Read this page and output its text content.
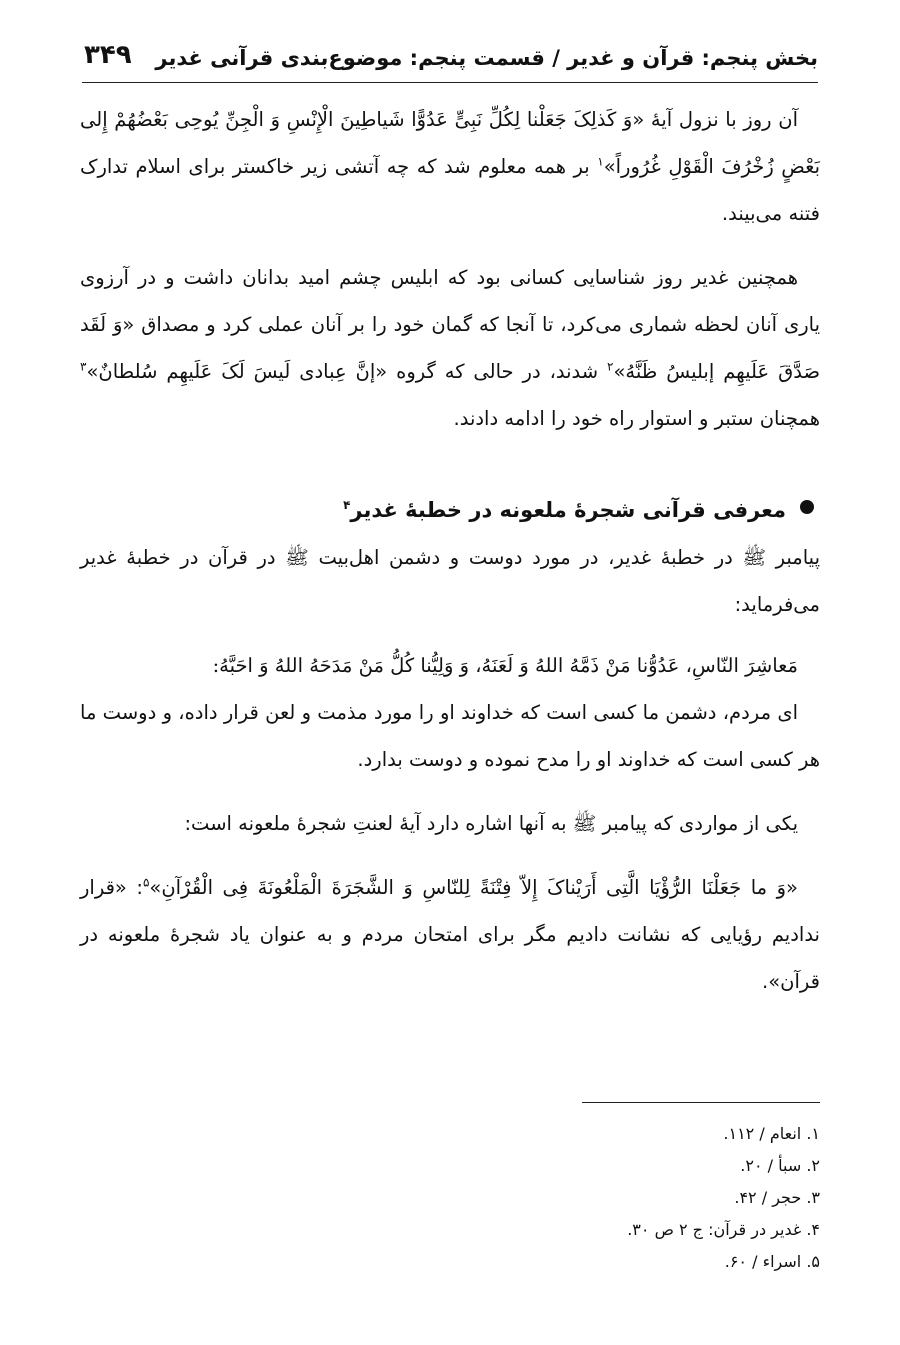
بخش پنجم: قرآن و غدیر / قسمت پنجم: موضوع‌بندی قرآنی غدیر
۳۴۹

آن روز با نزول آیهٔ «وَ کَذلِکَ جَعَلْنا لِکُلِّ نَبِیٍّ عَدُوًّا شَیاطِینَ الْإِنْسِ وَ الْجِنِّ یُوحِی بَعْضُهُمْ إِلی بَعْضٍ زُخْرُفَ الْقَوْلِ غُرُوراً»$^۱$ بر همه معلوم شد که چه آتشی زیر خاکستر برای اسلام تدارک فتنه می‌بیند.

همچنین غدیر روز شناسایی کسانی بود که ابلیس چشم امید بدانان داشت و در آرزوی یاری آنان لحظه شماری می‌کرد، تا آنجا که گمان خود را بر آنان عملی کرد و مصداق «وَ لَقَد صَدَّقَ عَلَیهِم إبلیسُ ظَنَّهُ»$^۲$ شدند، در حالی که گروه «إنَّ عِبادی لَیسَ لَکَ عَلَیهِم سُلطانٌ»$^۳$ همچنان ستبر و استوار راه خود را ادامه دادند.

معرفی قرآنی شجرهٔ ملعونه در خطبهٔ غدیر$^۴$

پیامبر ﷺ در خطبهٔ غدیر، در مورد دوست و دشمن اهل‌بیت ﷺ در قرآن در خطبهٔ غدیر می‌فرماید:

مَعاشِرَ النّاسِ، عَدُوُّنا مَنْ ذَمَّهُ اللهُ وَ لَعَنَهُ، وَ وَلِیُّنا کُلُّ مَنْ مَدَحَهُ اللهُ وَ احَبَّهُ:

ای مردم، دشمن ما کسی است که خداوند او را مورد مذمت و لعن قرار داده، و دوست ما هر کسی است که خداوند او را مدح نموده و دوست بدارد.

یکی از مواردی که پیامبر ﷺ به آنها اشاره دارد آیهٔ لعنتِ شجرهٔ ملعونه است:

«وَ ما جَعَلْنَا الرُّؤْیَا الَّتِی أَرَیْناکَ إِلاّ فِتْنَةً لِلنّاسِ وَ الشَّجَرَةَ الْمَلْعُونَةَ فِی الْقُرْآنِ»$^۵$: «قرار ندادیم رؤیایی که نشانت دادیم مگر برای امتحان مردم و به عنوان یاد شجرهٔ ملعونه در قرآن».

۱. انعام / ۱۱۲.
۲. سبأ / ۲۰.
۳. حجر / ۴۲.
۴. غدیر در قرآن: ج ۲ ص ۳۰.
۵. اسراء / ۶۰.
